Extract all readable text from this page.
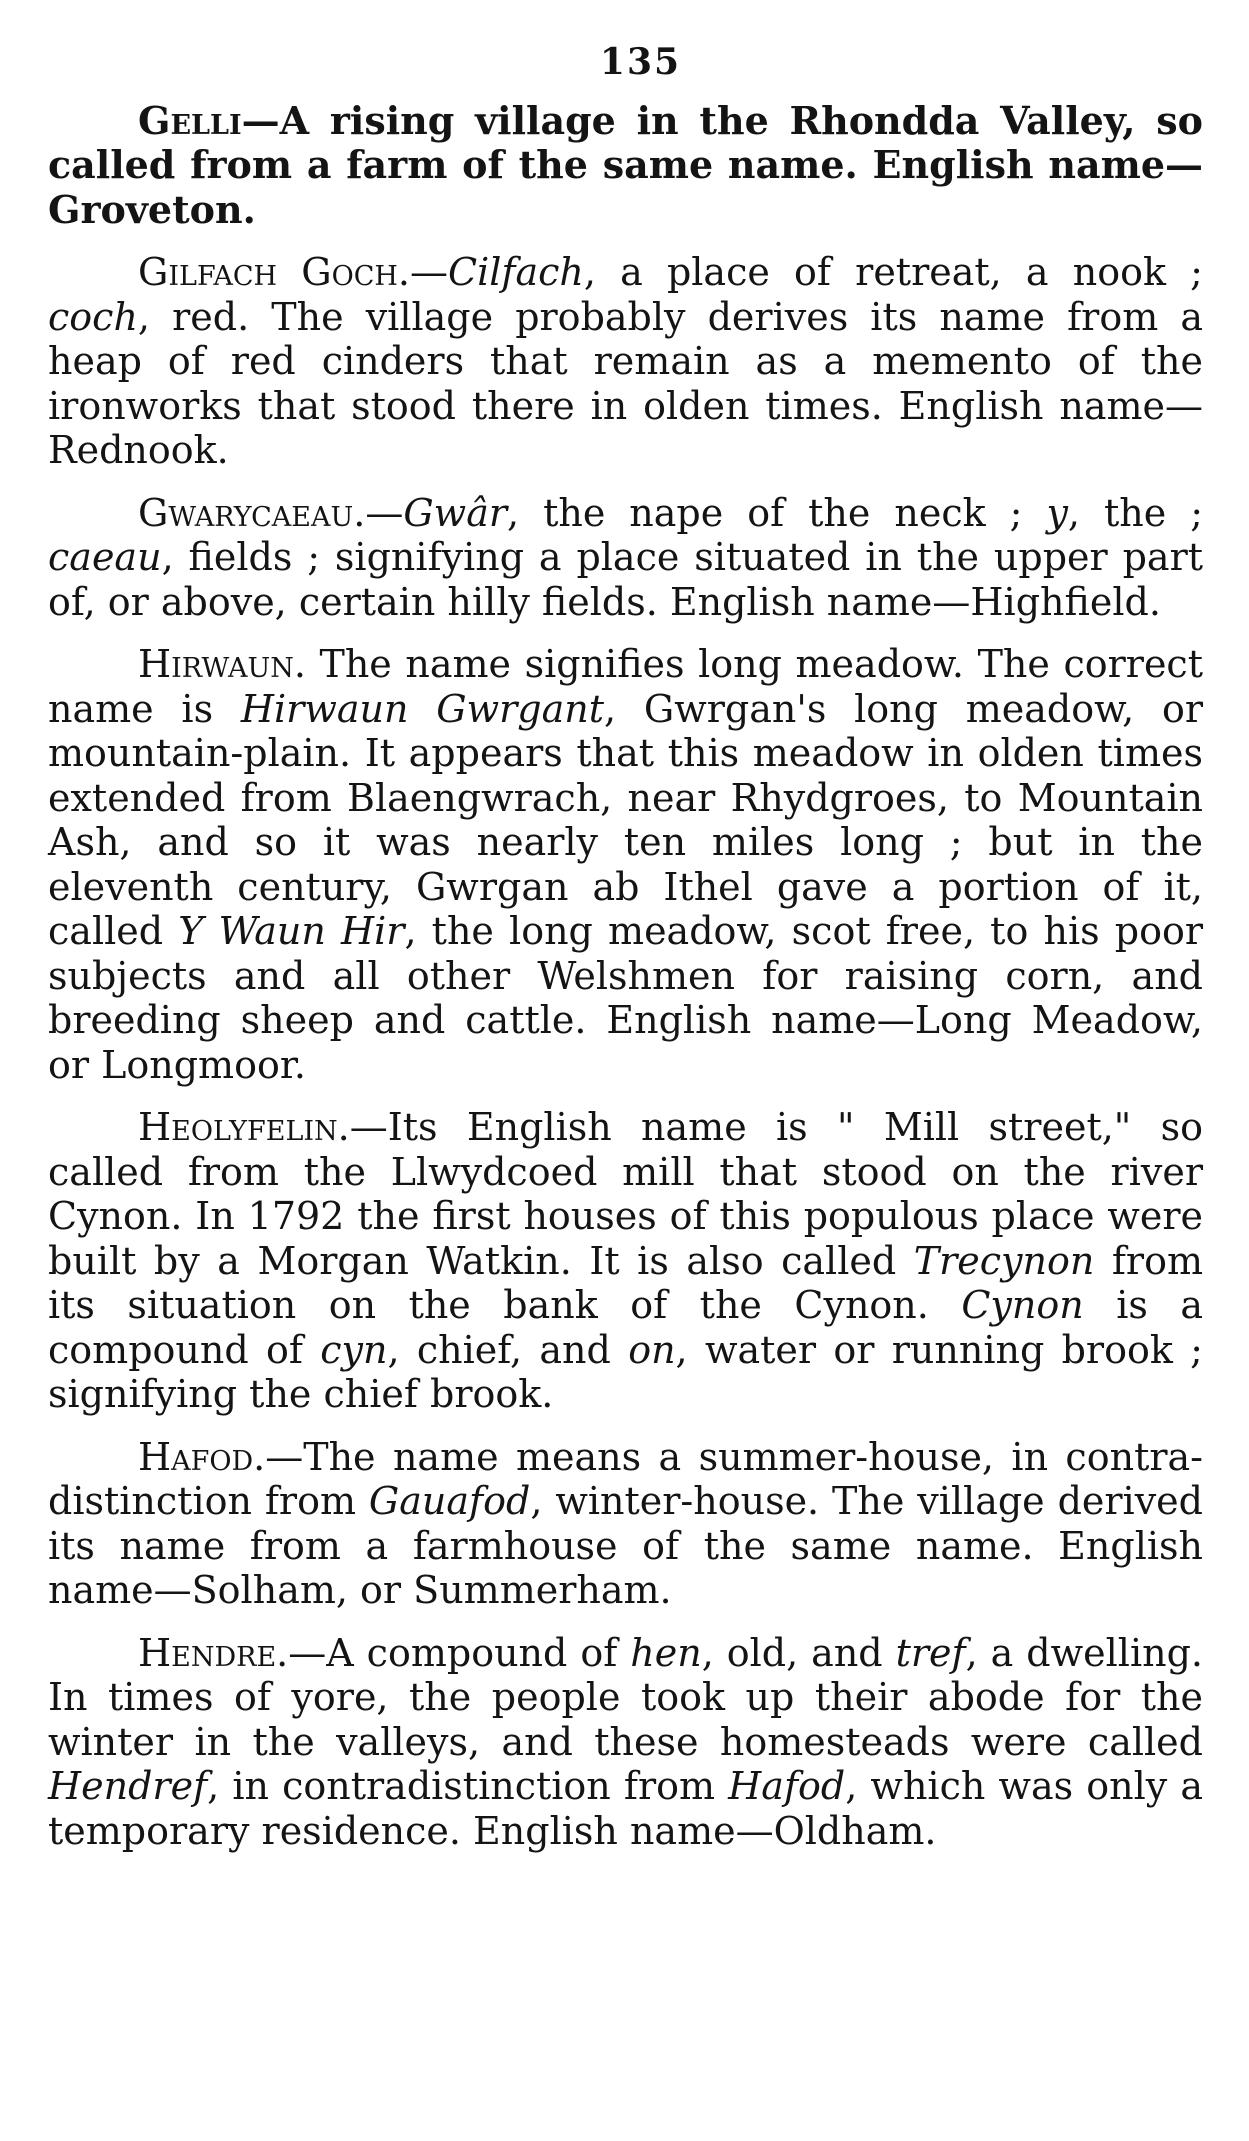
135

Gelli—A rising village in the Rhondda Valley, so called from a farm of the same name. English name—Groveton.

Gilfach Goch.—Cilfach, a place of retreat, a nook ; coch, red. The village probably derives its name from a heap of red cinders that remain as a memento of the ironworks that stood there in olden times. English name—Rednook.

Gwarycaeau.—Gwâr, the nape of the neck ; y, the ; caeau, fields ; signifying a place situated in the upper part of, or above, certain hilly fields. English name—Highfield.

Hirwaun. The name signifies long meadow. The correct name is Hirwaun Gwrgant, Gwrgan's long meadow, or mountain-plain. It appears that this meadow in olden times extended from Blaengwrach, near Rhydgroes, to Mountain Ash, and so it was nearly ten miles long ; but in the eleventh century, Gwrgan ab Ithel gave a portion of it, called Y Waun Hir, the long meadow, scot free, to his poor subjects and all other Welshmen for raising corn, and breeding sheep and cattle. English name—Long Meadow, or Longmoor.

Heolyfelin.—Its English name is " Mill street," so called from the Llwydcoed mill that stood on the river Cynon. In 1792 the first houses of this populous place were built by a Morgan Watkin. It is also called Trecynon from its situation on the bank of the Cynon. Cynon is a compound of cyn, chief, and on, water or running brook ; signifying the chief brook.

Hafod.—The name means a summer-house, in contra-distinction from Gauafod, winter-house. The village derived its name from a farmhouse of the same name. English name—Solham, or Summerham.

Hendre.—A compound of hen, old, and tref, a dwelling. In times of yore, the people took up their abode for the winter in the valleys, and these homesteads were called Hendref, in contradistinction from Hafod, which was only a temporary residence. English name—Oldham.
